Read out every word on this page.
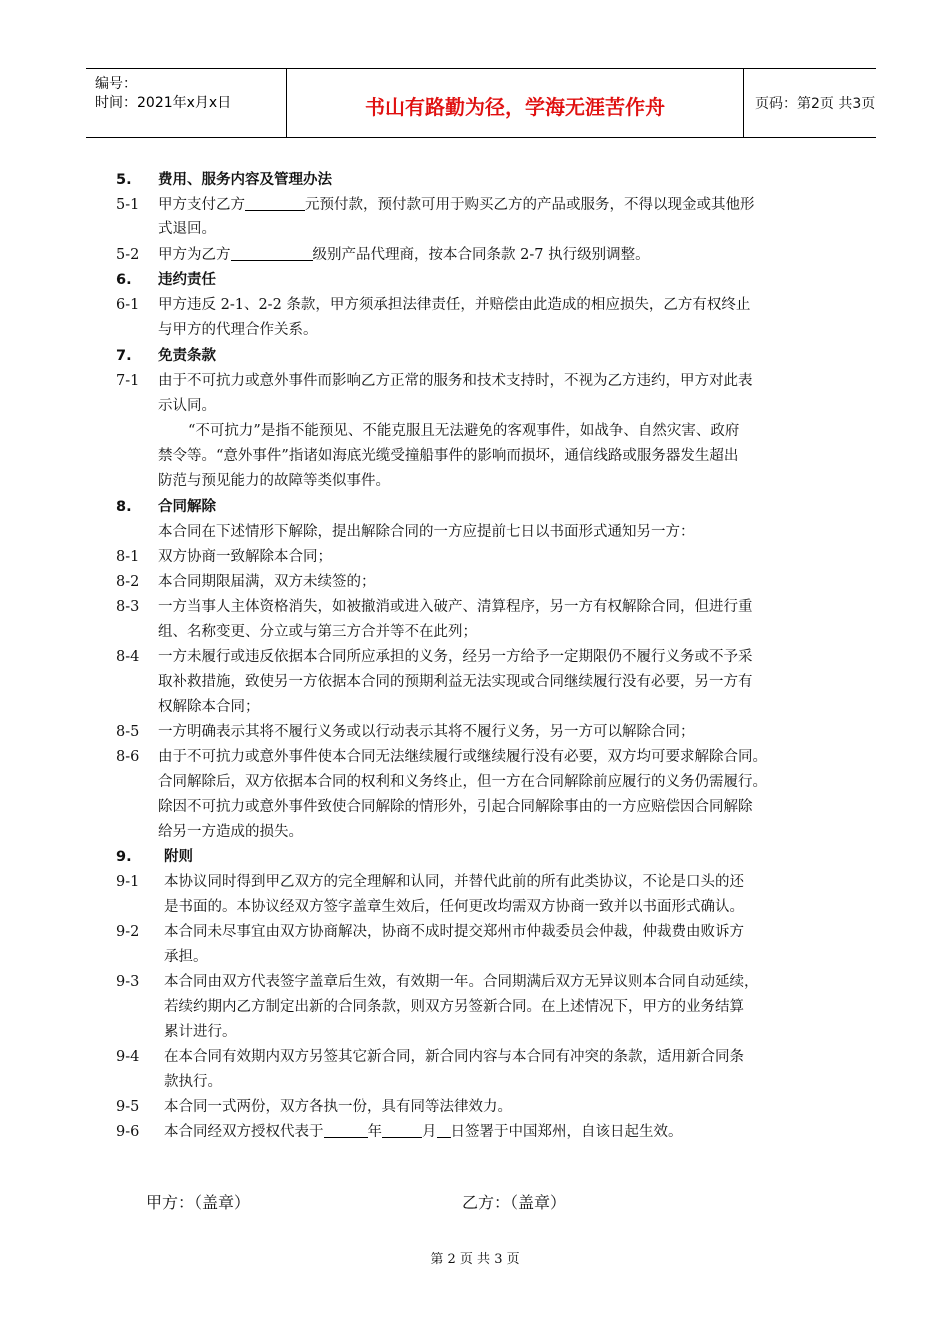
编号：
时间：2021年x月x日	书山有路勤为径，学海无涯苦作舟	页码：第2页 共3页
5. 费用、服务内容及管理办法
5-1 甲方支付乙方	元预付款，预付款可用于购买乙方的产品或服务，不得以现金或其他形
式退回。
5-2 甲方为乙方	级别产品代理商，按本合同条款 2-7 执行级别调整。
6. 违约责任
6-1 甲方违反 2-1、2-2 条款，甲方须承担法律责任，并赔偿由此造成的相应损失，乙方有权终止
与甲方的代理合作关系。
7. 免责条款
7-1 由于不可抗力或意外事件而影响乙方正常的服务和技术支持时，不视为乙方违约，甲方对此表
示认同。
“不可抗力”是指不能预见、不能克服且无法避免的客观事件，如战争、自然灾害、政府
禁令等。“意外事件”指诸如海底光缆受撞船事件的影响而损坏，通信线路或服务器发生超出
防范与预见能力的故障等类似事件。
8. 合同解除
本合同在下述情形下解除，提出解除合同的一方应提前七日以书面形式通知另一方：
8-1 双方协商一致解除本合同；
8-2 本合同期限届满，双方未续签的；
8-3 一方当事人主体资格消失，如被撤消或进入破产、清算程序，另一方有权解除合同，但进行重
组、名称变更、分立或与第三方合并等不在此列；
8-4 一方未履行或违反依据本合同所应承担的义务，经另一方给予一定期限仍不履行义务或不予采
取补救措施，致使另一方依据本合同的预期利益无法实现或合同继续履行没有必要，另一方有
权解除本合同；
8-5 一方明确表示其将不履行义务或以行动表示其将不履行义务，另一方可以解除合同；
8-6 由于不可抗力或意外事件使本合同无法继续履行或继续履行没有必要，双方均可要求解除合同。
合同解除后，双方依据本合同的权利和义务终止，但一方在合同解除前应履行的义务仍需履行。
除因不可抗力或意外事件致使合同解除的情形外，引起合同解除事由的一方应赔偿因合同解除
给另一方造成的损失。
9. 附则
9-1 本协议同时得到甲乙双方的完全理解和认同，并替代此前的所有此类协议，不论是口头的还
是书面的。本协议经双方签字盖章生效后，任何更改均需双方协商一致并以书面形式确认。
9-2 本合同未尽事宜由双方协商解决，协商不成时提交郑州市仲裁委员会仲裁，仲裁费由败诉方
承担。
9-3 本合同由双方代表签字盖章后生效，有效期一年。合同期满后双方无异议则本合同自动延续，
若续约期内乙方制定出新的合同条款，则双方另签新合同。在上述情况下，甲方的业务结算
累计进行。
9-4 在本合同有效期内双方另签其它新合同，新合同内容与本合同有冲突的条款，适用新合同条
款执行。
9-5 本合同一式两份，双方各执一份，具有同等法律效力。
9-6 本合同经双方授权代表于	年	月 日签署于中国郑州，自该日起生效。
甲方：（盖章）	乙方：（盖章）
第 2 页 共 3 页
